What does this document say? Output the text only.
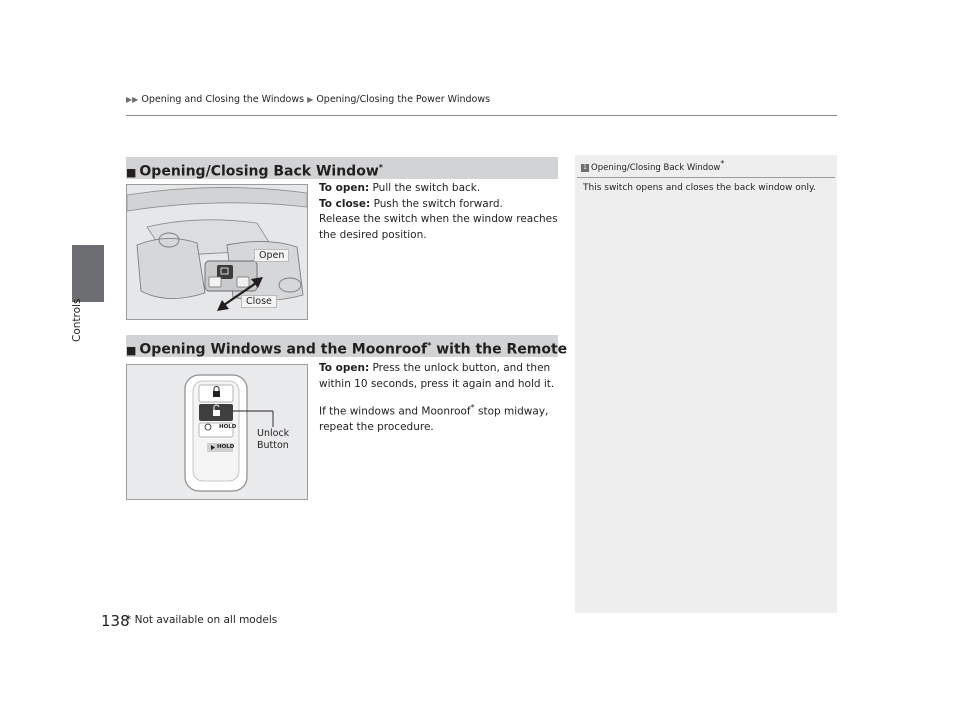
▶▶ Opening and Closing the Windows ▶ Opening/Closing the Power Windows
Controls
■ Opening/Closing Back Window*
Open
Close
To open: Pull the switch back.
To close: Push the switch forward.
Release the switch when the window reaches the desired position.
■ Opening Windows and the Moonroof* with the Remote
HOLD
HOLD
Unlock
Button
To open: Press the unlock button, and then within 10 seconds, press it again and hold it.
If the windows and Moonroof* stop midway, repeat the procedure.
1 Opening/Closing Back Window*
This switch opens and closes the back window only.
138
* Not available on all models
